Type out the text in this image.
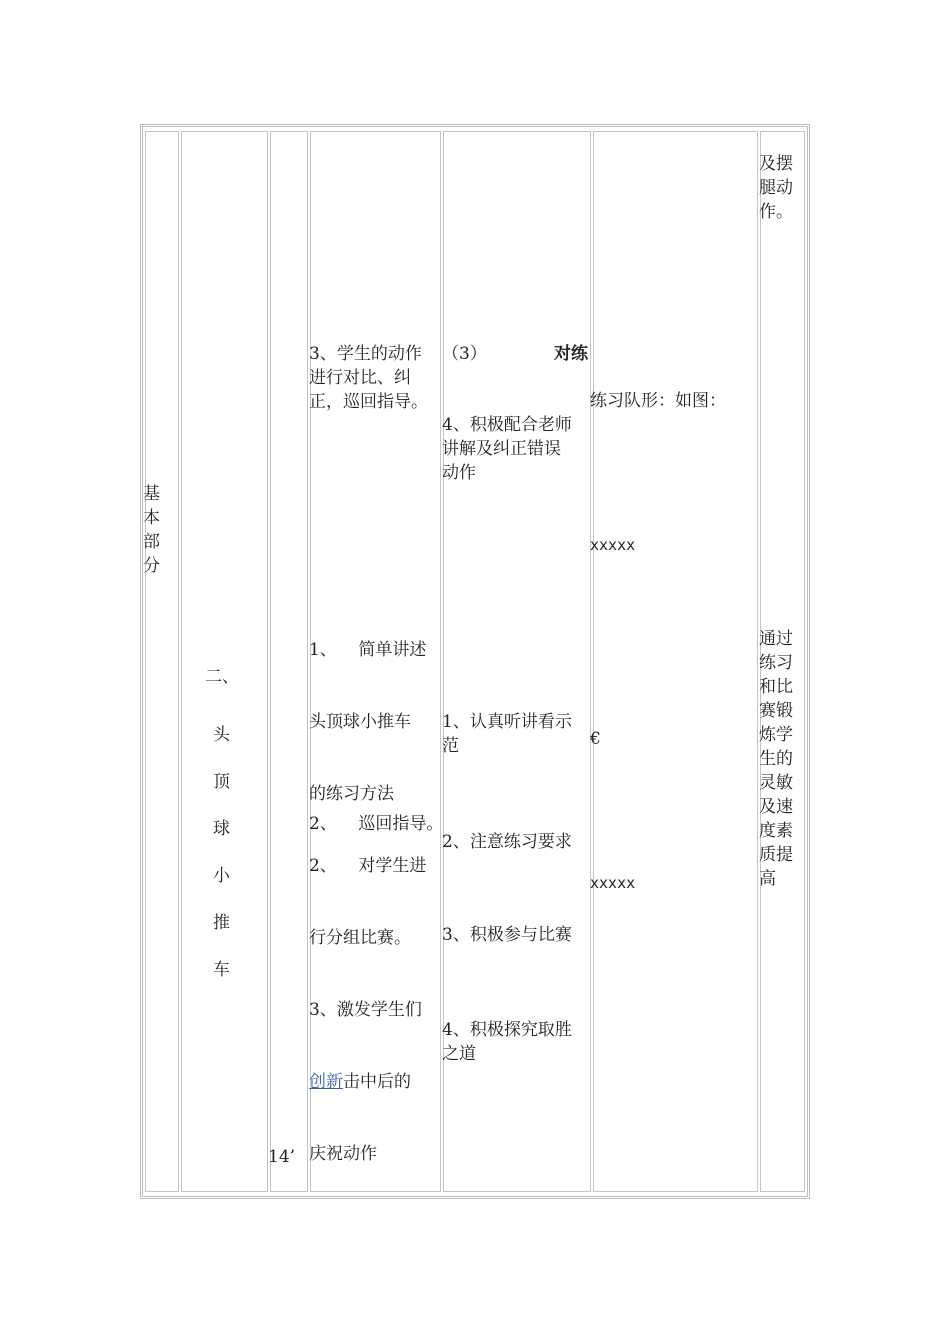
基
本
部
分
二、
头
顶
球
小
推
车
14’
3、学生的动作
进行对比、纠
正，巡回指导。

1、    简单讲述

头顶球小推车

的练习方法

2、    对学生进

行分组比赛。

3、激发学生们

创新击中后的

庆祝动作

2、    巡回指导。
（3）	对练
4、积极配合老师
讲解及纠正错误
动作
1、认真听讲看示
范
2、注意练习要求
3、积极参与比赛
4、积极探究取胜
之道
练习队形：如图：
xxxxx
€
xxxxx
及摆
腿动
作。
通过
练习
和比
赛锻
炼学
生的
灵敏
及速
度素
质提
高
